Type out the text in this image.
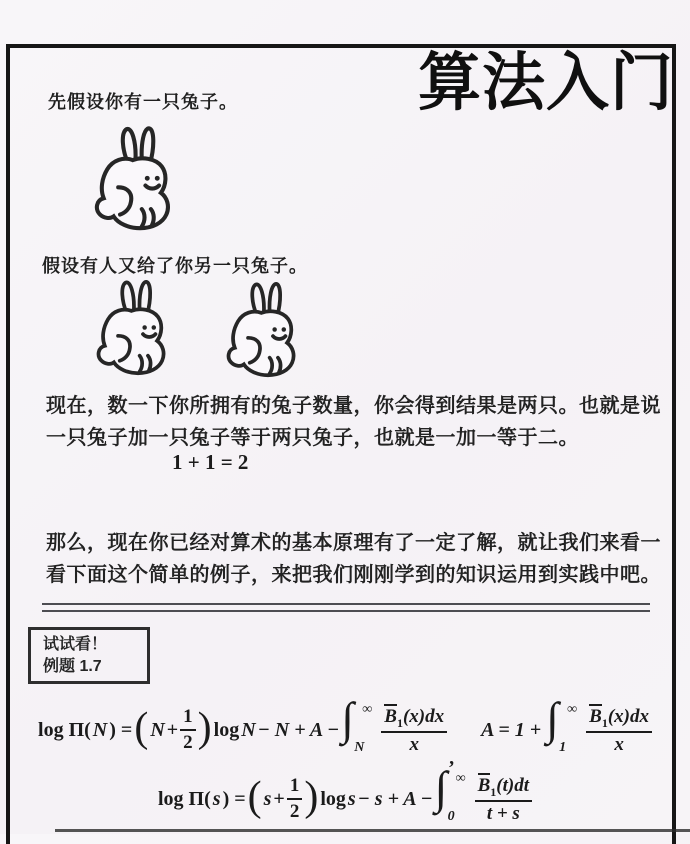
算法入门
先假设你有一只兔子。
假设有人又给了你另一只兔子。
现在，数一下你所拥有的兔子数量，你会得到结果是两只。也就是说一只兔子加一只兔子等于两只兔子，也就是一加一等于二。
1 + 1 = 2
那么，现在你已经对算术的基本原理有了一定了解，就让我们来看一看下面这个简单的例子，来把我们刚刚学到的知识运用到实践中吧。
试试看！
例题 1.7
log Π( N ) = ( $N + \frac{1}{2}$ ) log N − N + A − ∫ ∞
N $\frac{B_1(x)dx}{x}$
,
A = 1 + ∫ ∞
$1 \frac{B_1(x)dx}{x}$
log Π( s ) = ( $s + \frac{1}{2}$ ) log s − s + A − ∫ ∞
$0 \frac{B_1(t)dt}{t + s}$
